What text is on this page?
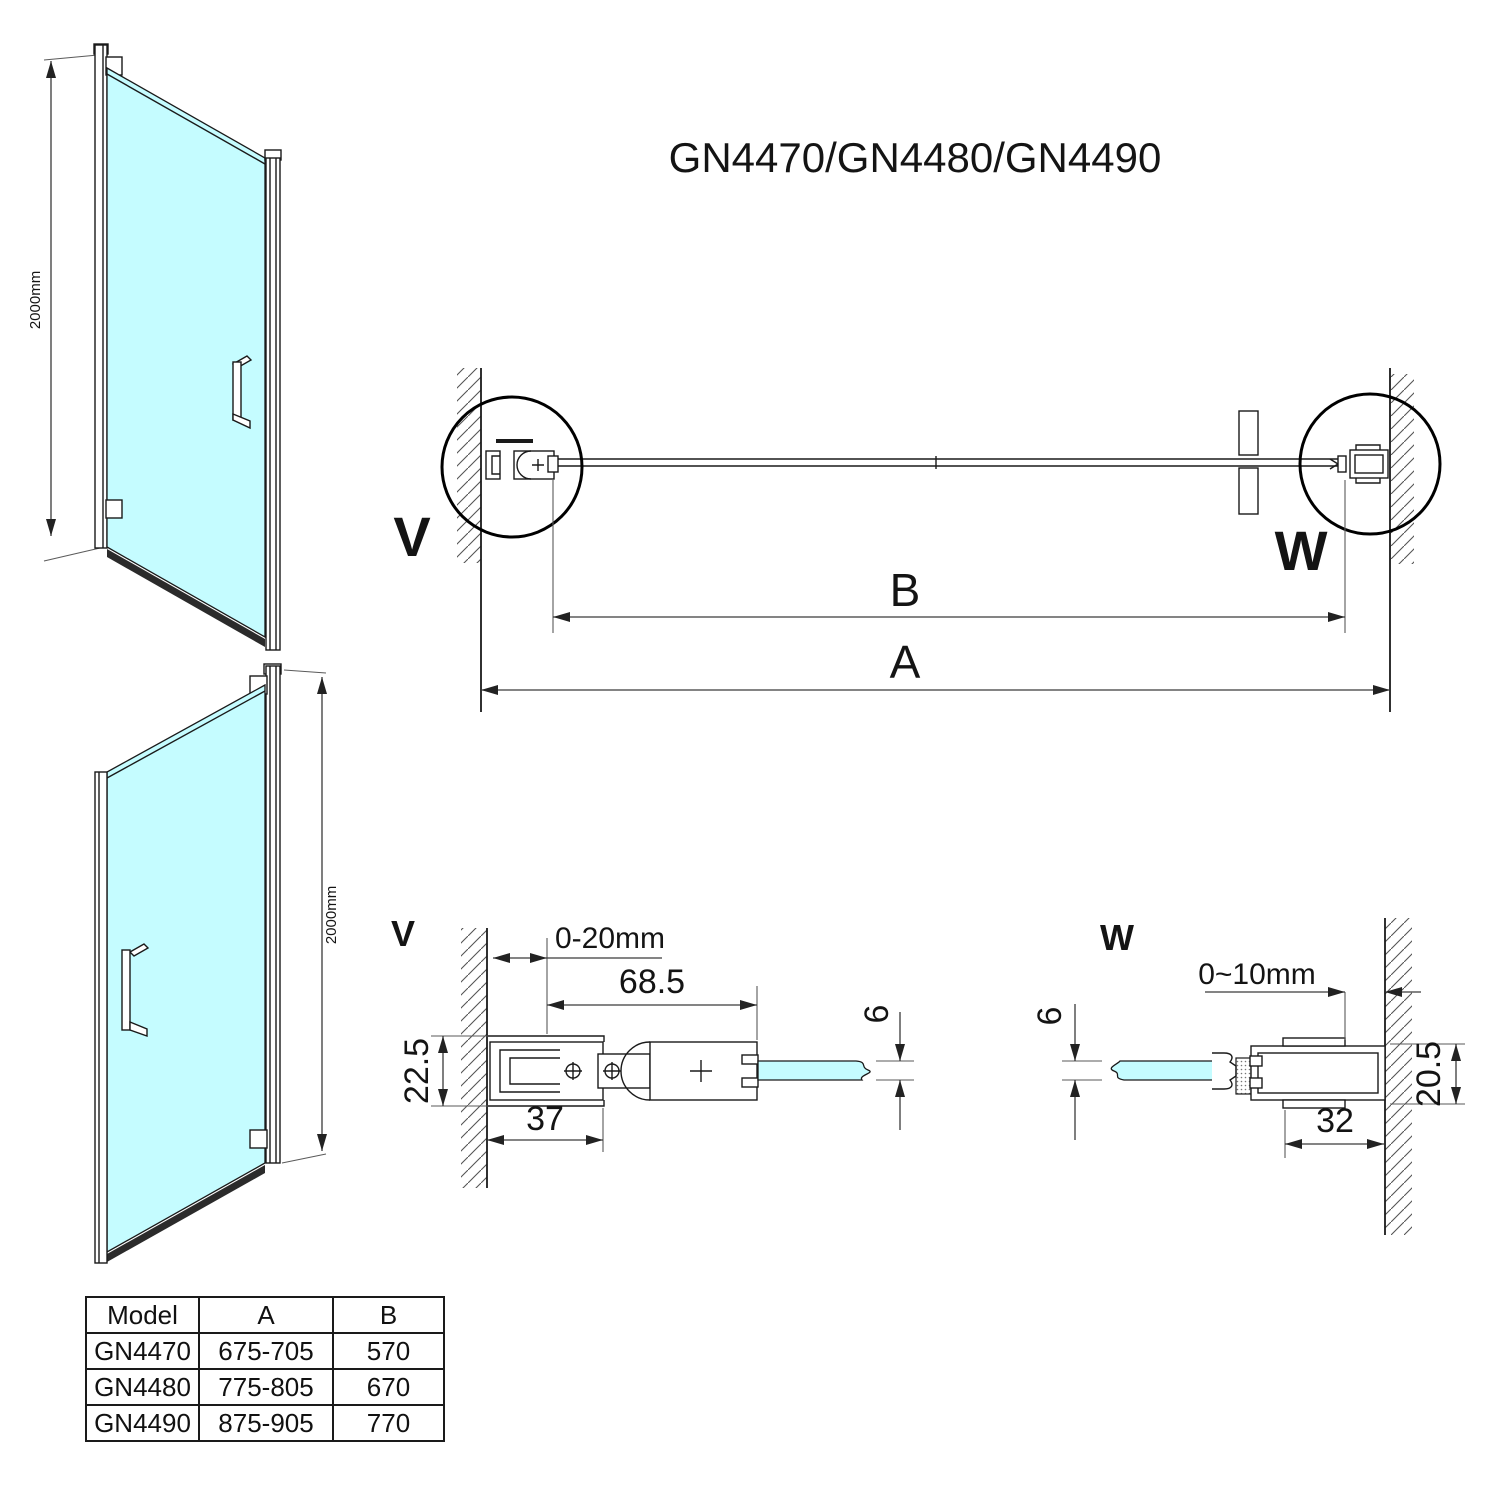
GN4470/GN4480/GN4490
2000mm
2000mm
V	W
B
A
V	0-20mm
68.5
22.5
37
6
W
0~10mm
6
20.5
32
Model	A	B
GN4470	675-705	570
GN4480	775-805	670
GN4490	875-905	770
